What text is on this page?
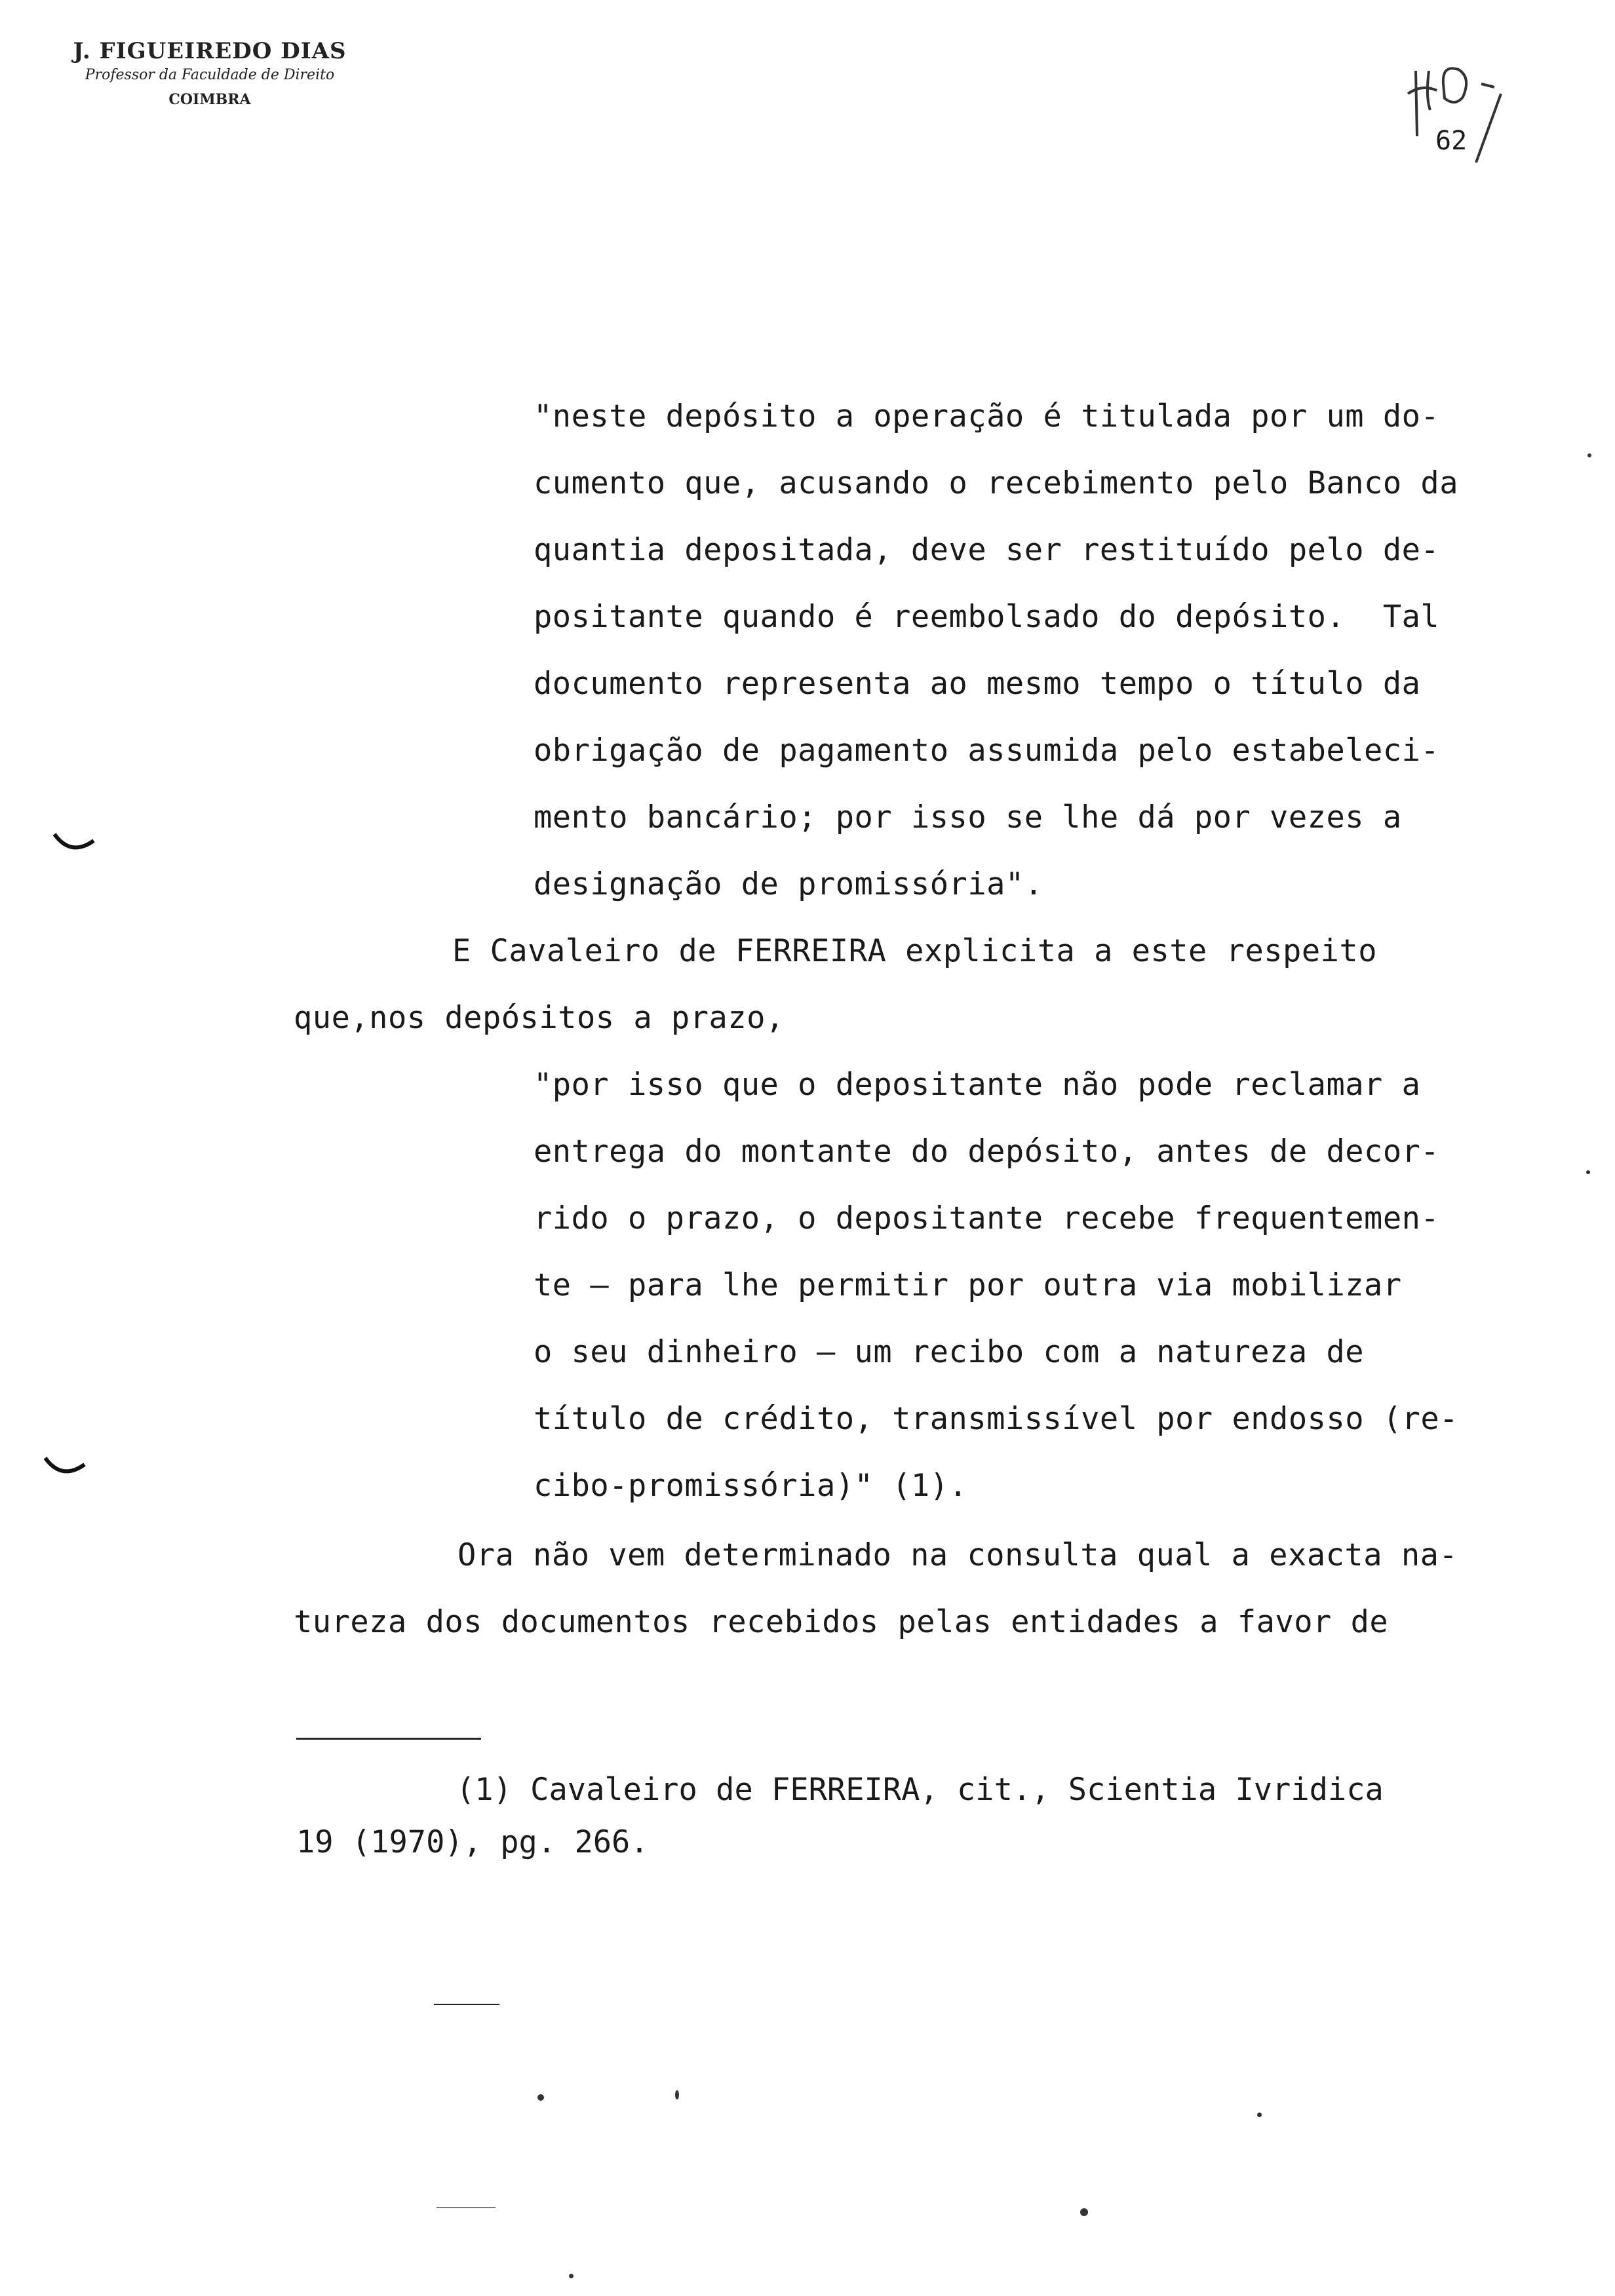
J. FIGUEIREDO DIAS
Professor da Faculdade de Direito
COIMBRA
62
"neste depósito a operação é titulada por um do-
cumento que, acusando o recebimento pelo Banco da
quantia depositada, deve ser restituído pelo de-
positante quando é reembolsado do depósito.  Tal
documento representa ao mesmo tempo o título da
obrigação de pagamento assumida pelo estabeleci-
mento bancário; por isso se lhe dá por vezes a
designação de promissória".
E Cavaleiro de FERREIRA explicita a este respeito
que,nos depósitos a prazo,
"por isso que o depositante não pode reclamar a
entrega do montante do depósito, antes de decor-
rido o prazo, o depositante recebe frequentemen-
te — para lhe permitir por outra via mobilizar
o seu dinheiro — um recibo com a natureza de
título de crédito, transmissível por endosso (re-
cibo-promissória)" (1).
Ora não vem determinado na consulta qual a exacta na-
tureza dos documentos recebidos pelas entidades a favor de
(1) Cavaleiro de FERREIRA, cit., Scientia Ivridica
19 (1970), pg. 266.
